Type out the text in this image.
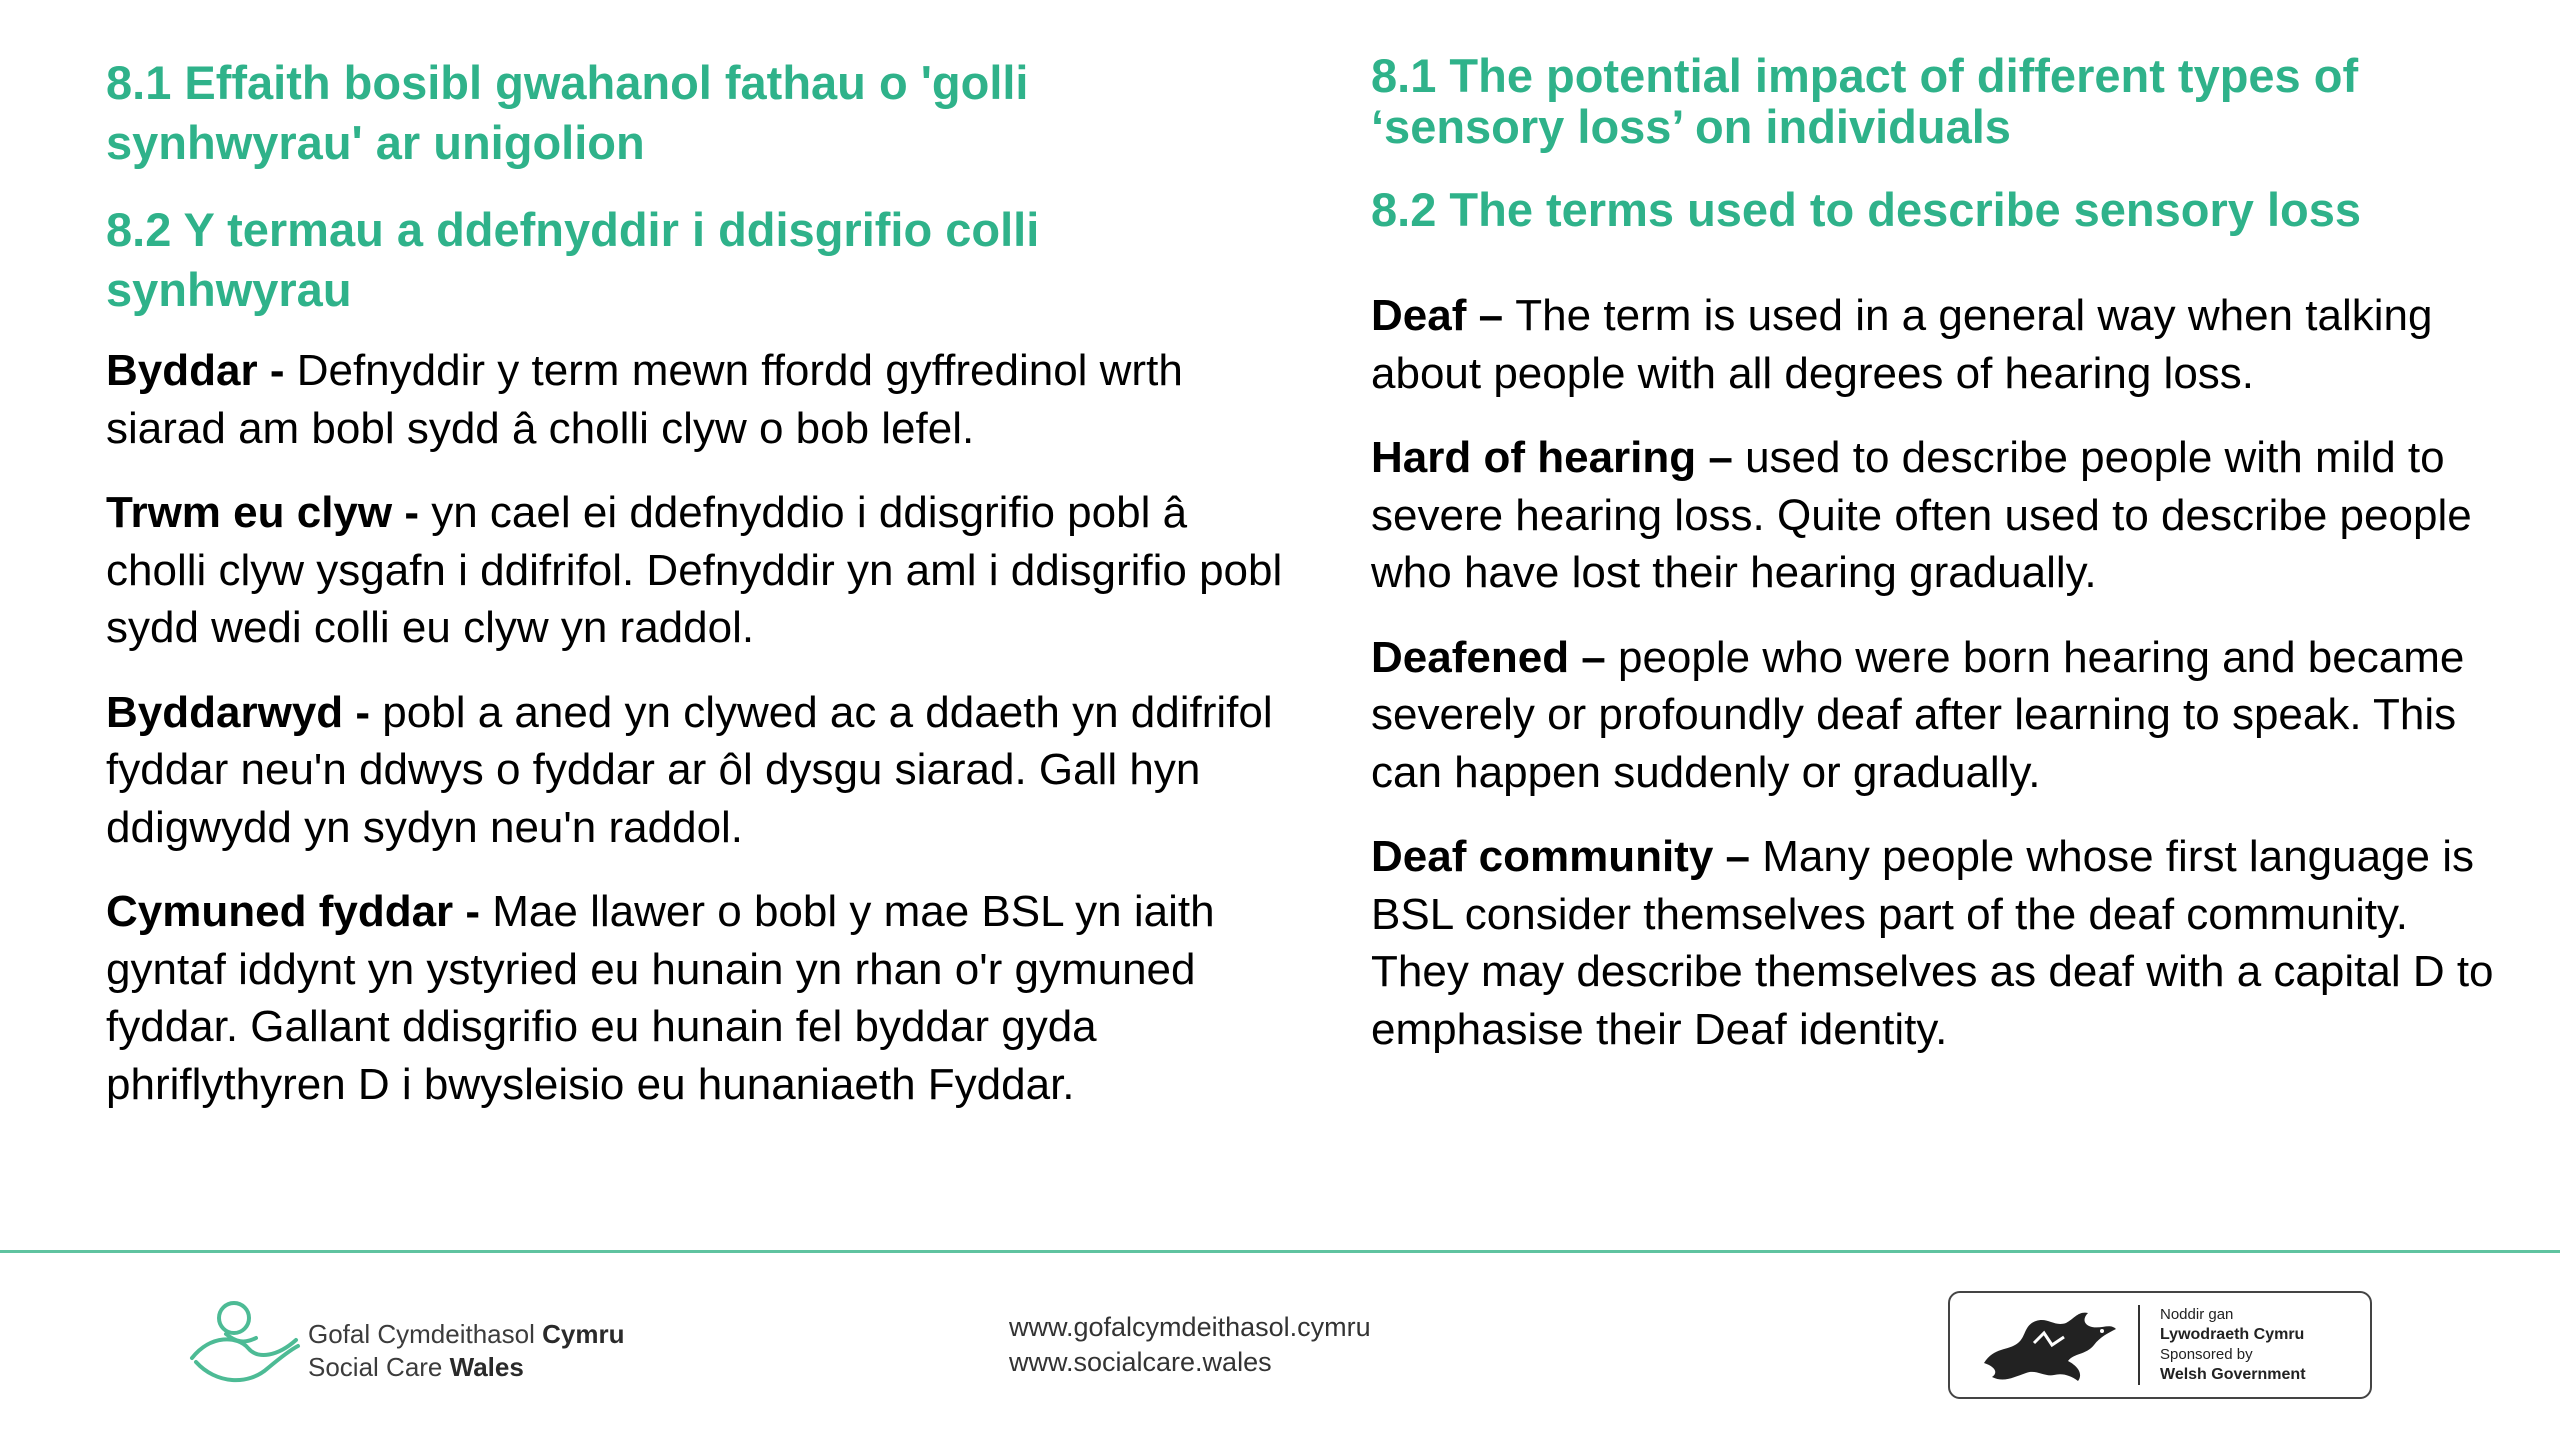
8.1 Effaith bosibl gwahanol fathau o 'golli synhwyrau' ar unigolion

8.2 Y termau a ddefnyddir i ddisgrifio colli synhwyrau

Byddar - Defnyddir y term mewn ffordd gyffredinol wrth siarad am bobl sydd â cholli clyw o bob lefel.

Trwm eu clyw - yn cael ei ddefnyddio i ddisgrifio pobl â cholli clyw ysgafn i ddifrifol. Defnyddir yn aml i ddisgrifio pobl sydd wedi colli eu clyw yn raddol.

Byddarwyd - pobl a aned yn clywed ac a ddaeth yn ddifrifol fyddar neu'n ddwys o fyddar ar ôl dysgu siarad. Gall hyn ddigwydd yn sydyn neu'n raddol.

Cymuned fyddar - Mae llawer o bobl y mae BSL yn iaith gyntaf iddynt yn ystyried eu hunain yn rhan o'r gymuned fyddar. Gallant ddisgrifio eu hunain fel byddar gyda phriflythyren D i bwysleisio eu hunaniaeth Fyddar.

8.1 The potential impact of different types of ‘sensory loss’ on individuals

8.2 The terms used to describe sensory loss

Deaf – The term is used in a general way when talking about people with all degrees of hearing loss.

Hard of hearing – used to describe people with mild to severe hearing loss. Quite often used to describe people who have lost their hearing gradually.

Deafened – people who were born hearing and became severely or profoundly deaf after learning to speak. This can happen suddenly or gradually.

Deaf community – Many people whose first language is BSL consider themselves part of the deaf community. They may describe themselves as deaf with a capital D to emphasise their Deaf identity.

Gofal Cymdeithasol Cymru
Social Care Wales
www.gofalcymdeithasol.cymru
www.socialcare.wales
Noddir gan
Lywodraeth Cymru
Sponsored by
Welsh Government
